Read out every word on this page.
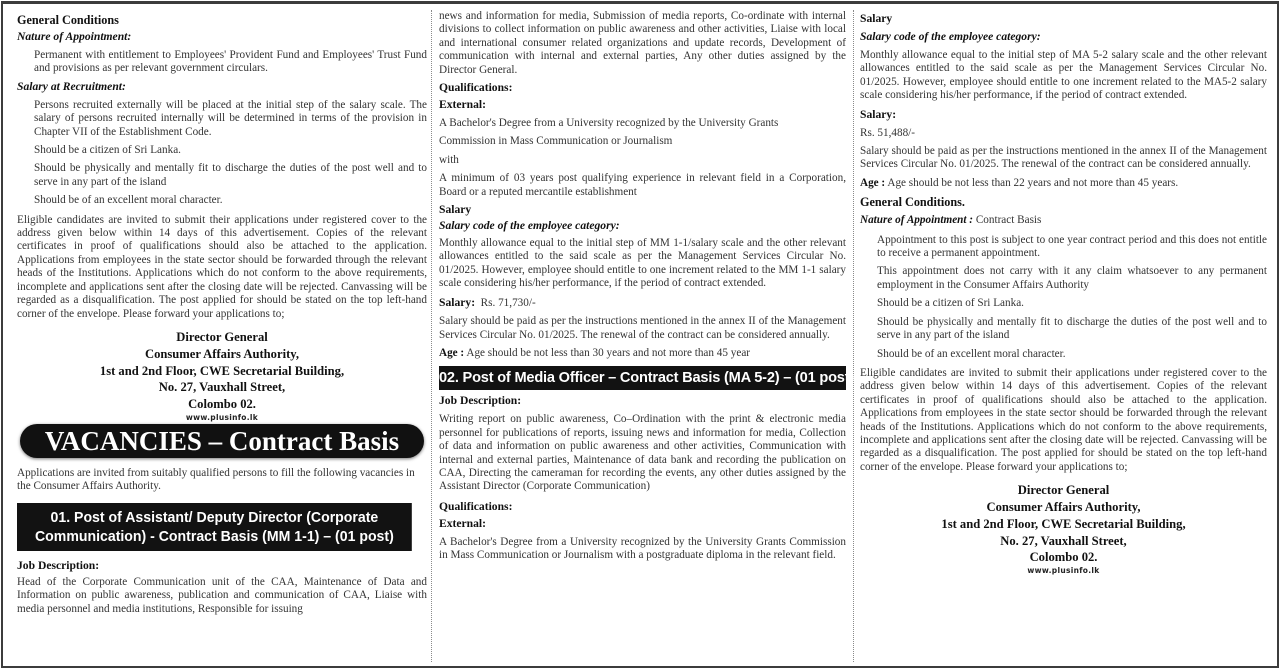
General Conditions

Nature of Appointment:

Permanent with entitlement to Employees' Provident Fund and Employees' Trust Fund and provisions as per relevant government circulars.

Salary at Recruitment:

Persons recruited externally will be placed at the initial step of the salary scale. The salary of persons recruited internally will be determined in terms of the provision in Chapter VII of the Establishment Code.

Should be a citizen of Sri Lanka.

Should be physically and mentally fit to discharge the duties of the post well and to serve in any part of the island

Should be of an excellent moral character.

Eligible candidates are invited to submit their applications under registered cover to the address given below within 14 days of this advertisement. Copies of the relevant certificates in proof of qualifications should also be attached to the application. Applications from employees in the state sector should be forwarded through the relevant heads of the Institutions. Applications which do not conform to the above requirements, incomplete and applications sent after the closing date will be rejected. Canvassing will be regarded as a disqualification. The post applied for should be stated on the top left-hand corner of the envelope. Please forward your applications to;

Director General

Consumer Affairs Authority,

1st and 2nd Floor, CWE Secretarial Building,

No. 27, Vauxhall Street,

Colombo 02.

www.plusinfo.lk

VACANCIES – Contract Basis

Applications are invited from suitably qualified persons to fill the following vacancies in the Consumer Affairs Authority.

01. Post of Assistant/ Deputy Director (Corporate Communication) - Contract Basis (MM 1-1) – (01 post)

Job Description:

Head of the Corporate Communication unit of the CAA, Maintenance of Data and Information on public awareness, publication and communication of CAA, Liaise with media personnel and media institutions, Responsible for issuing

news and information for media, Submission of media reports, Co-ordinate with internal divisions to collect information on public awareness and other activities, Liaise with local and international consumer related organizations and update records, Development of communication with internal and external parties, Any other duties assigned by the Director General.

Qualifications:

External:

A Bachelor's Degree from a University recognized by the University Grants

Commission in Mass Communication or Journalism

with

A minimum of 03 years post qualifying experience in relevant field in a Corporation, Board or a reputed mercantile establishment

Salary

Salary code of the employee category:

Monthly allowance equal to the initial step of MM 1-1/salary scale and the other relevant allowances entitled to the said scale as per the Management Services Circular No. 01/2025. However, employee should entitle to one increment related to the MM 1-1 salary scale considering his/her performance, if the period of contract extended.

Salary: Rs. 71,730/-

Salary should be paid as per the instructions mentioned in the annex II of the Management Services Circular No. 01/2025. The renewal of the contract can be considered annually.

Age : Age should be not less than 30 years and not more than 45 year

02. Post of Media Officer – Contract Basis (MA 5-2) – (01 post)

Job Description:

Writing report on public awareness, Co–Ordination with the print & electronic media personnel for publications of reports, issuing news and information for media, Collection of data and information on public awareness and other activities, Communication with internal and external parties, Maintenance of data bank and recording the publication on CAA, Directing the cameraman for recording the events, any other duties assigned by the Assistant Director (Corporate Communication)

Qualifications:

External:

A Bachelor's Degree from a University recognized by the University Grants Commission in Mass Communication or Journalism with a postgraduate diploma in the relevant field.

Salary

Salary code of the employee category:

Monthly allowance equal to the initial step of MA 5-2 salary scale and the other relevant allowances entitled to the said scale as per the Management Services Circular No. 01/2025. However, employee should entitle to one increment related to the MA5-2 salary scale considering his/her performance, if the period of contract extended.

Salary:

Rs. 51,488/-

Salary should be paid as per the instructions mentioned in the annex II of the Management Services Circular No. 01/2025. The renewal of the contract can be considered annually.

Age : Age should be not less than 22 years and not more than 45 years.

General Conditions.

Nature of Appointment : Contract Basis

Appointment to this post is subject to one year contract period and this does not entitle to receive a permanent appointment.

This appointment does not carry with it any claim whatsoever to any permanent employment in the Consumer Affairs Authority

Should be a citizen of Sri Lanka.

Should be physically and mentally fit to discharge the duties of the post well and to serve in any part of the island

Should be of an excellent moral character.

Eligible candidates are invited to submit their applications under registered cover to the address given below within 14 days of this advertisement. Copies of the relevant certificates in proof of qualifications should also be attached to the application. Applications from employees in the state sector should be forwarded through the relevant heads of the Institutions. Applications which do not conform to the above requirements, incomplete and applications sent after the closing date will be rejected. Canvassing will be regarded as a disqualification. The post applied for should be stated on the top left-hand corner of the envelope. Please forward your applications to;

Director General

Consumer Affairs Authority,

1st and 2nd Floor, CWE Secretarial Building,

No. 27, Vauxhall Street,

Colombo 02.

www.plusinfo.lk
